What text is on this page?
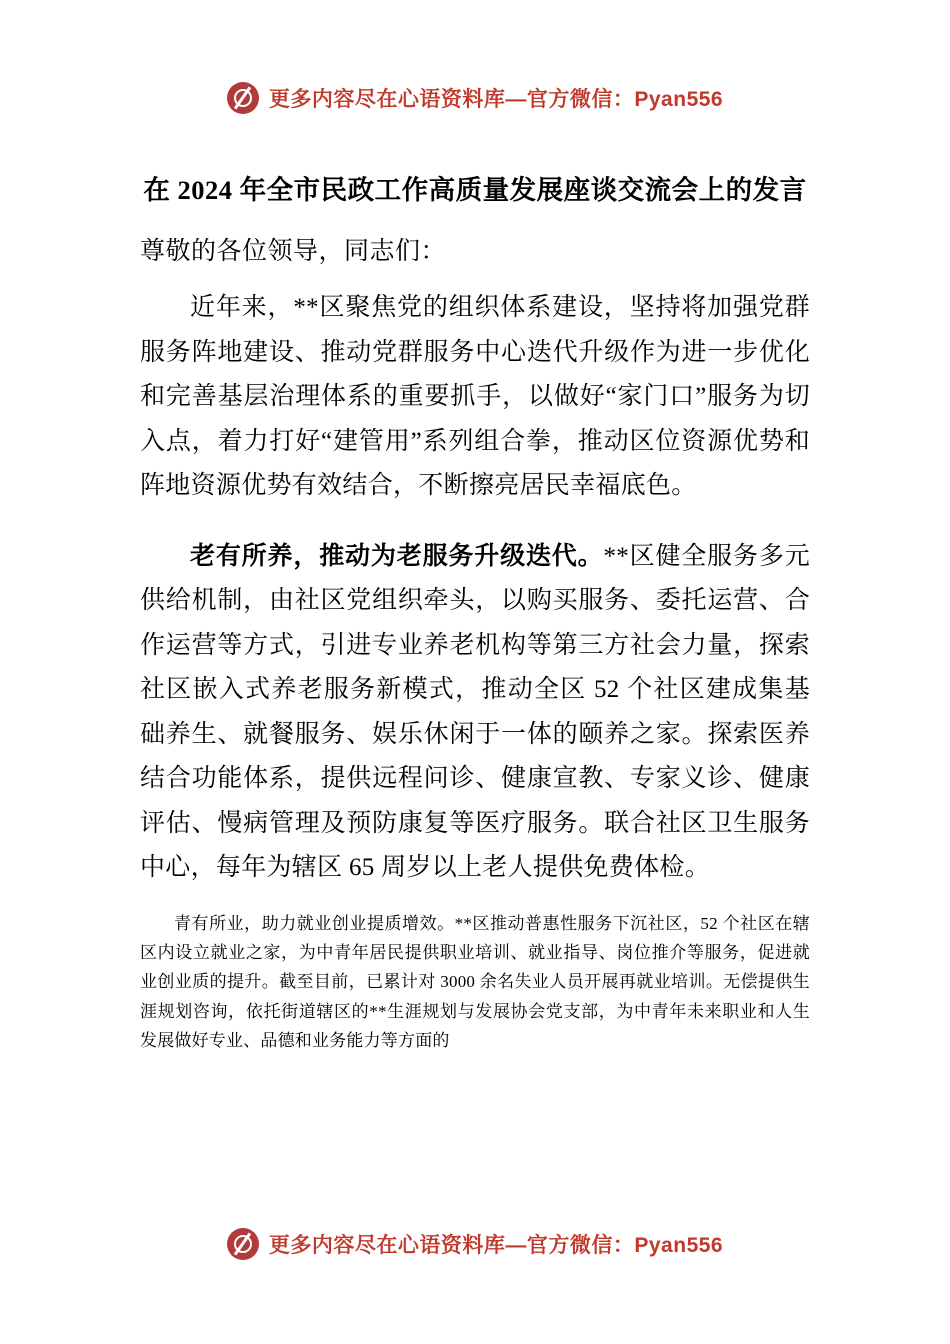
更多内容尽在心语资料库—官方微信：Pyan556
在 2024 年全市民政工作高质量发展座谈交流会上的发言
尊敬的各位领导，同志们：

近年来，**区聚焦党的组织体系建设，坚持将加强党群服务阵地建设、推动党群服务中心迭代升级作为进一步优化和完善基层治理体系的重要抓手，以做好“家门口”服务为切入点，着力打好“建管用”系列组合拳，推动区位资源优势和阵地资源优势有效结合，不断擦亮居民幸福底色。

老有所养，推动为老服务升级迭代。**区健全服务多元供给机制，由社区党组织牵头，以购买服务、委托运营、合作运营等方式，引进专业养老机构等第三方社会力量，探索社区嵌入式养老服务新模式，推动全区 52 个社区建成集基础养生、就餐服务、娱乐休闲于一体的颐养之家。探索医养结合功能体系，提供远程问诊、健康宣教、专家义诊、健康评估、慢病管理及预防康复等医疗服务。联合社区卫生服务中心，每年为辖区 65 周岁以上老人提供免费体检。

青有所业，助力就业创业提质增效。**区推动普惠性服务下沉社区，52 个社区在辖区内设立就业之家，为中青年居民提供职业培训、就业指导、岗位推介等服务，促进就业创业质的提升。截至目前，已累计对 3000 余名失业人员开展再就业培训。无偿提供生涯规划咨询，依托街道辖区的**生涯规划与发展协会党支部，为中青年未来职业和人生发展做好专业、品德和业务能力等方面的

更多内容尽在心语资料库—官方微信：Pyan556
